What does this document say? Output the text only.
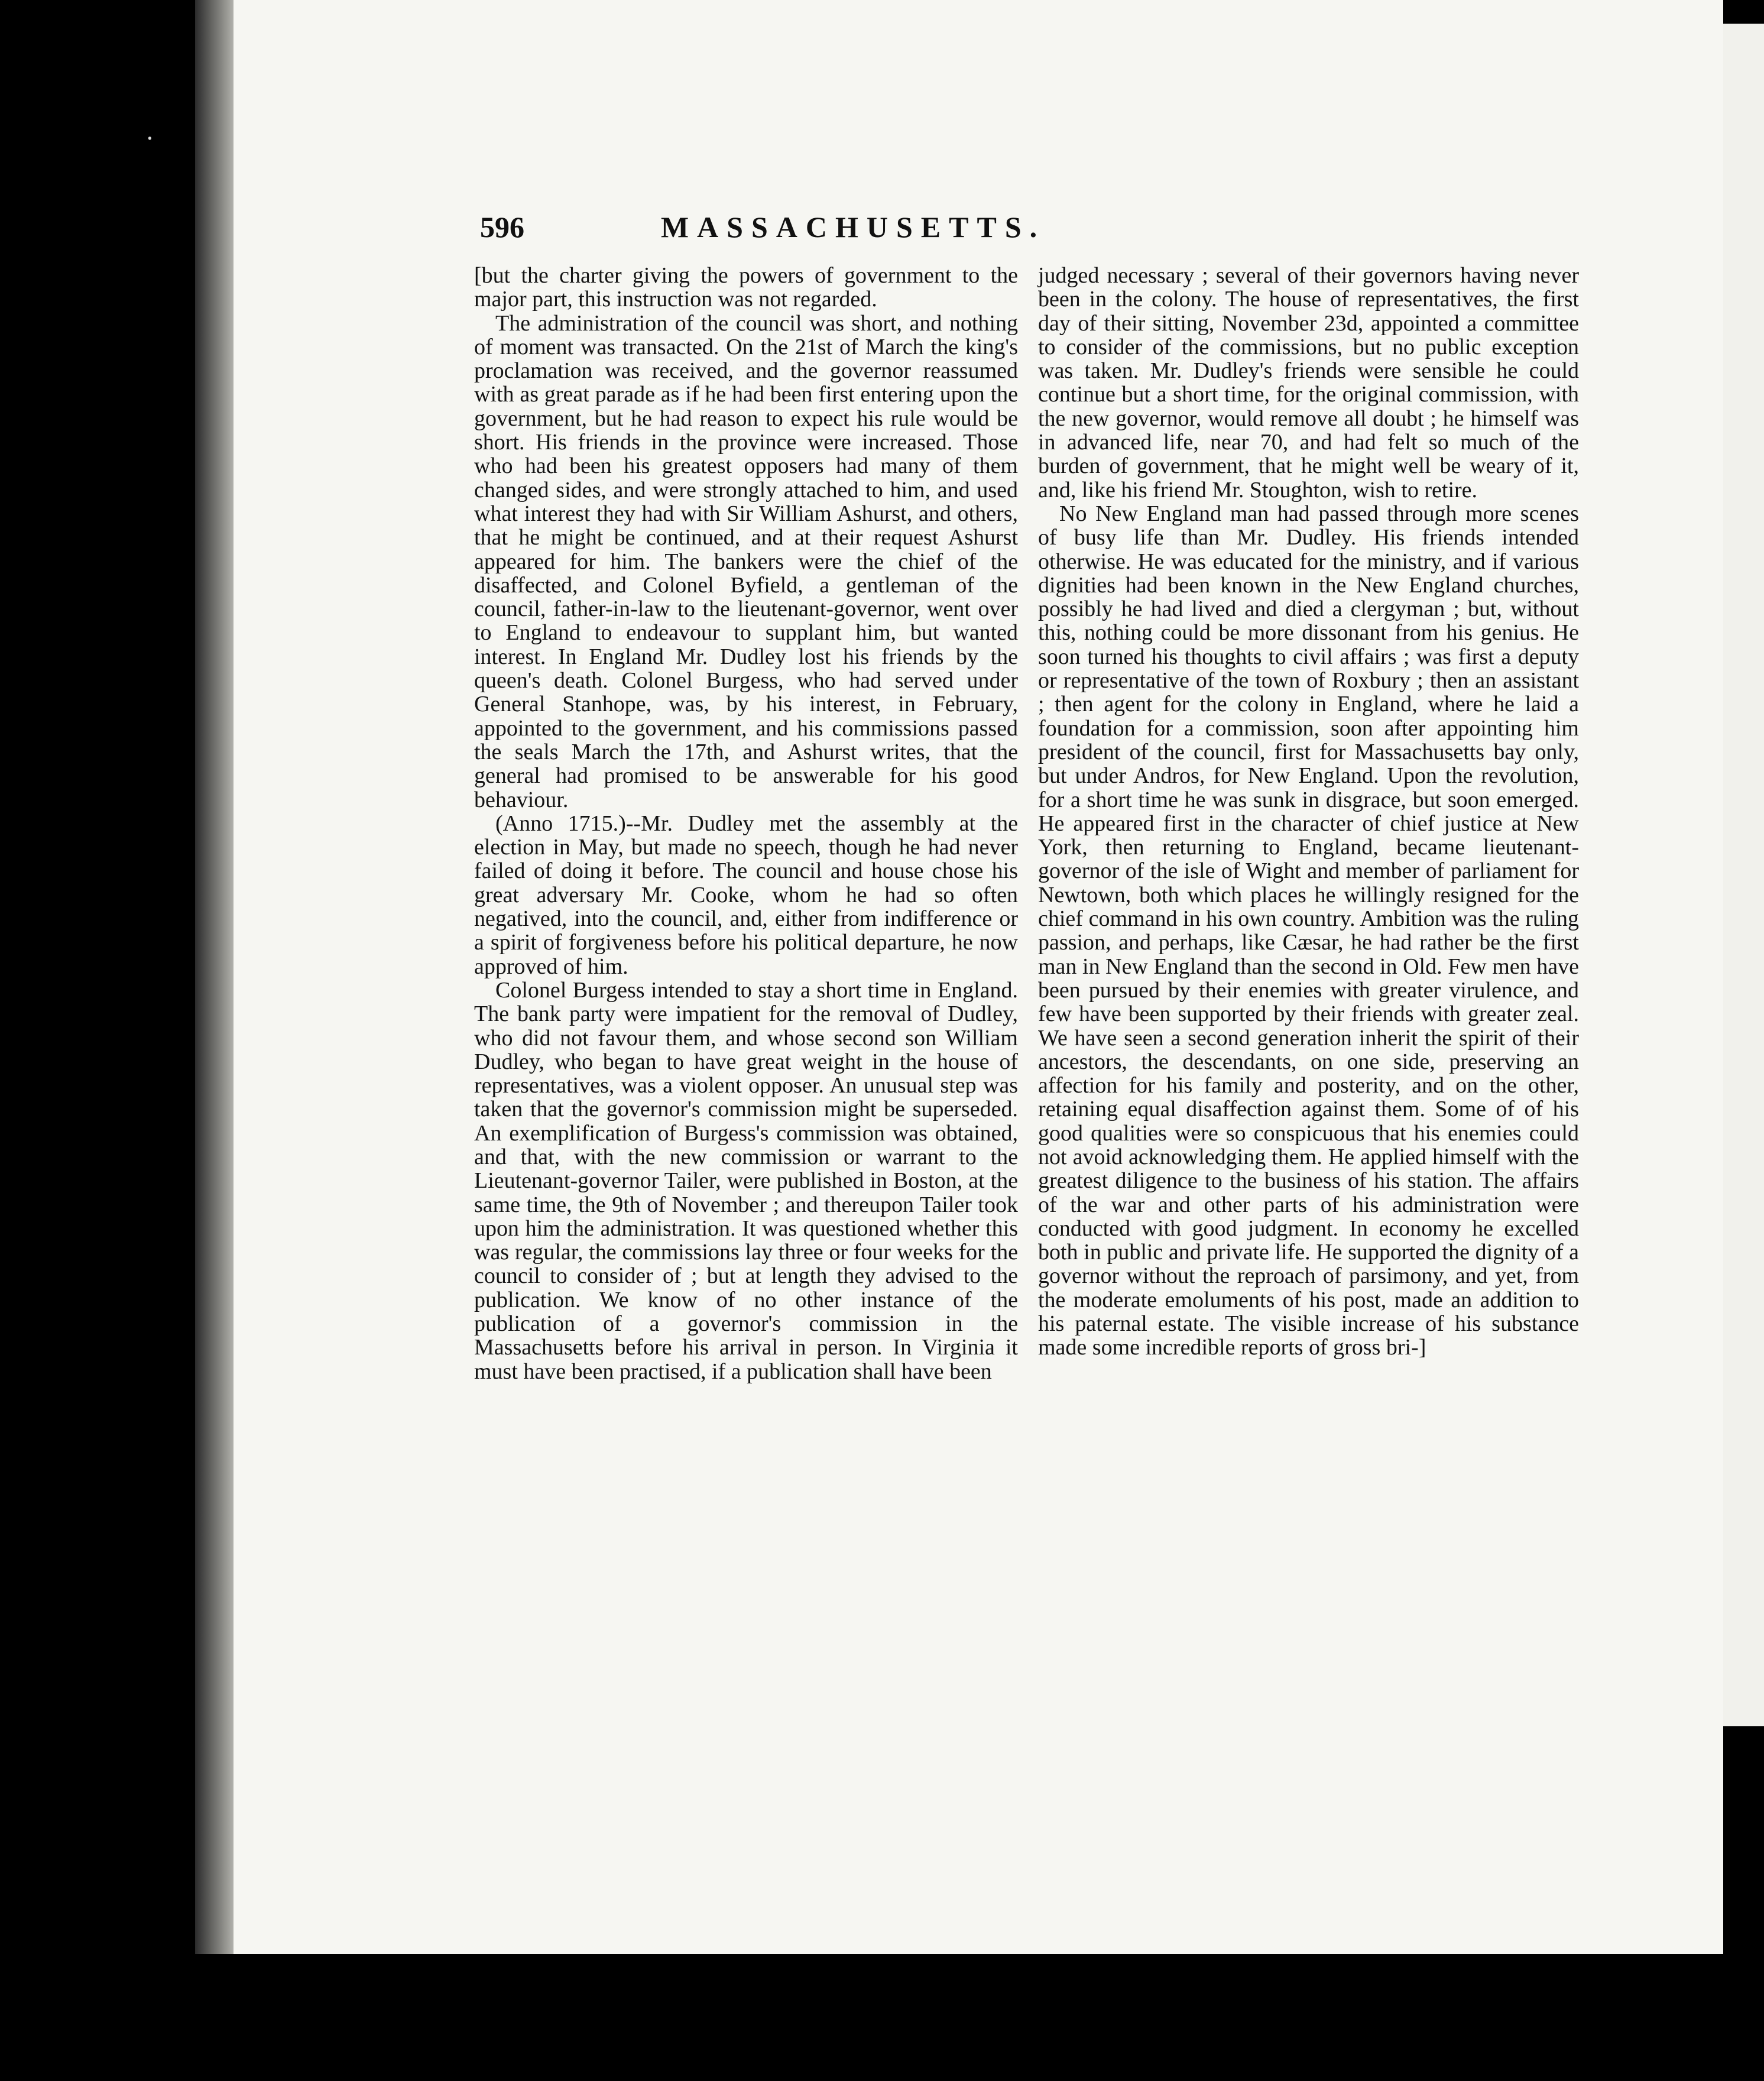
⸱
596	MASSACHUSETTS.

[but the charter giving the powers of government to the major part, this instruction was not regarded.

The administration of the council was short, and nothing of moment was transacted. On the 21st of March the king's proclamation was received, and the governor reassumed with as great parade as if he had been first entering upon the government, but he had reason to expect his rule would be short. His friends in the province were increased. Those who had been his greatest opposers had many of them changed sides, and were strongly attached to him, and used what interest they had with Sir William Ashurst, and others, that he might be continued, and at their request Ashurst appeared for him. The bankers were the chief of the disaffected, and Colonel Byfield, a gentleman of the council, father-in-law to the lieutenant-governor, went over to England to endeavour to supplant him, but wanted interest. In England Mr. Dudley lost his friends by the queen's death. Colonel Burgess, who had served under General Stanhope, was, by his interest, in February, appointed to the government, and his commissions passed the seals March the 17th, and Ashurst writes, that the general had promised to be answerable for his good behaviour.

(Anno 1715.)--Mr. Dudley met the assembly at the election in May, but made no speech, though he had never failed of doing it before. The council and house chose his great adversary Mr. Cooke, whom he had so often negatived, into the council, and, either from indifference or a spirit of forgiveness before his political departure, he now approved of him.

Colonel Burgess intended to stay a short time in England. The bank party were impatient for the removal of Dudley, who did not favour them, and whose second son William Dudley, who began to have great weight in the house of representatives, was a violent opposer. An unusual step was taken that the governor's commission might be superseded. An exemplification of Burgess's commission was obtained, and that, with the new commission or warrant to the Lieutenant-governor Tailer, were published in Boston, at the same time, the 9th of November ; and thereupon Tailer took upon him the administration. It was questioned whether this was regular, the commissions lay three or four weeks for the council to consider of ; but at length they advised to the publication. We know of no other instance of the publication of a governor's commission in the Massachusetts before his arrival in person. In Virginia it must have been practised, if a publication shall have been

judged necessary ; several of their governors having never been in the colony. The house of representatives, the first day of their sitting, November 23d, appointed a committee to consider of the commissions, but no public exception was taken. Mr. Dudley's friends were sensible he could continue but a short time, for the original commission, with the new governor, would remove all doubt ; he himself was in advanced life, near 70, and had felt so much of the burden of government, that he might well be weary of it, and, like his friend Mr. Stoughton, wish to retire.

No New England man had passed through more scenes of busy life than Mr. Dudley. His friends intended otherwise. He was educated for the ministry, and if various dignities had been known in the New England churches, possibly he had lived and died a clergyman ; but, without this, nothing could be more dissonant from his genius. He soon turned his thoughts to civil affairs ; was first a deputy or representative of the town of Roxbury ; then an assistant ; then agent for the colony in England, where he laid a foundation for a commission, soon after appointing him president of the council, first for Massachusetts bay only, but under Andros, for New England. Upon the revolution, for a short time he was sunk in disgrace, but soon emerged. He appeared first in the character of chief justice at New York, then returning to England, became lieutenant-governor of the isle of Wight and member of parliament for Newtown, both which places he willingly resigned for the chief command in his own country. Ambition was the ruling passion, and perhaps, like Cæsar, he had rather be the first man in New England than the second in Old. Few men have been pursued by their enemies with greater virulence, and few have been supported by their friends with greater zeal. We have seen a second generation inherit the spirit of their ancestors, the descendants, on one side, preserving an affection for his family and posterity, and on the other, retaining equal disaffection against them. Some of of his good qualities were so conspicuous that his enemies could not avoid acknowledging them. He applied himself with the greatest diligence to the business of his station. The affairs of the war and other parts of his administration were conducted with good judgment. In economy he excelled both in public and private life. He supported the dignity of a governor without the reproach of parsimony, and yet, from the moderate emoluments of his post, made an addition to his paternal estate. The visible increase of his substance made some incredible reports of gross bri-]
